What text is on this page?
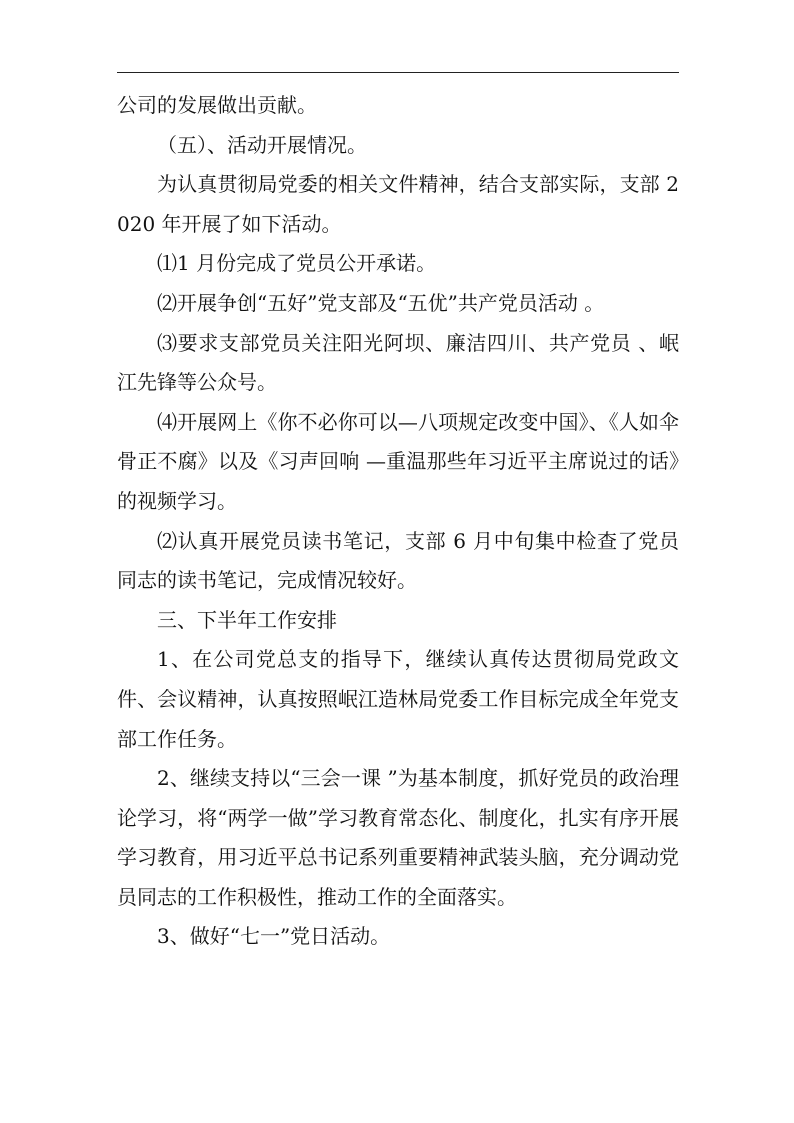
公司的发展做出贡献。

（五）、活动开展情况。

为认真贯彻局党委的相关文件精神，结合支部实际，支部 2020 年开展了如下活动。

⑴1 月份完成了党员公开承诺。

⑵开展争创“五好”党支部及“五优”共产党员活动 。

⑶要求支部党员关注阳光阿坝、廉洁四川、共产党员 、岷江先锋等公众号。

⑷开展网上《你不必你可以—八项规定改变中国》、《人如伞骨正不腐》以及《习声回响 —重温那些年习近平主席说过的话》的视频学习。

⑵认真开展党员读书笔记，支部 6 月中旬集中检查了党员同志的读书笔记，完成情况较好。

三、下半年工作安排

1、在公司党总支的指导下，继续认真传达贯彻局党政文件、会议精神，认真按照岷江造林局党委工作目标完成全年党支部工作任务。

2、继续支持以“三会一课 ”为基本制度，抓好党员的政治理论学习，将“两学一做”学习教育常态化、制度化，扎实有序开展学习教育，用习近平总书记系列重要精神武装头脑，充分调动党员同志的工作积极性，推动工作的全面落实。

3、做好“七一”党日活动。
